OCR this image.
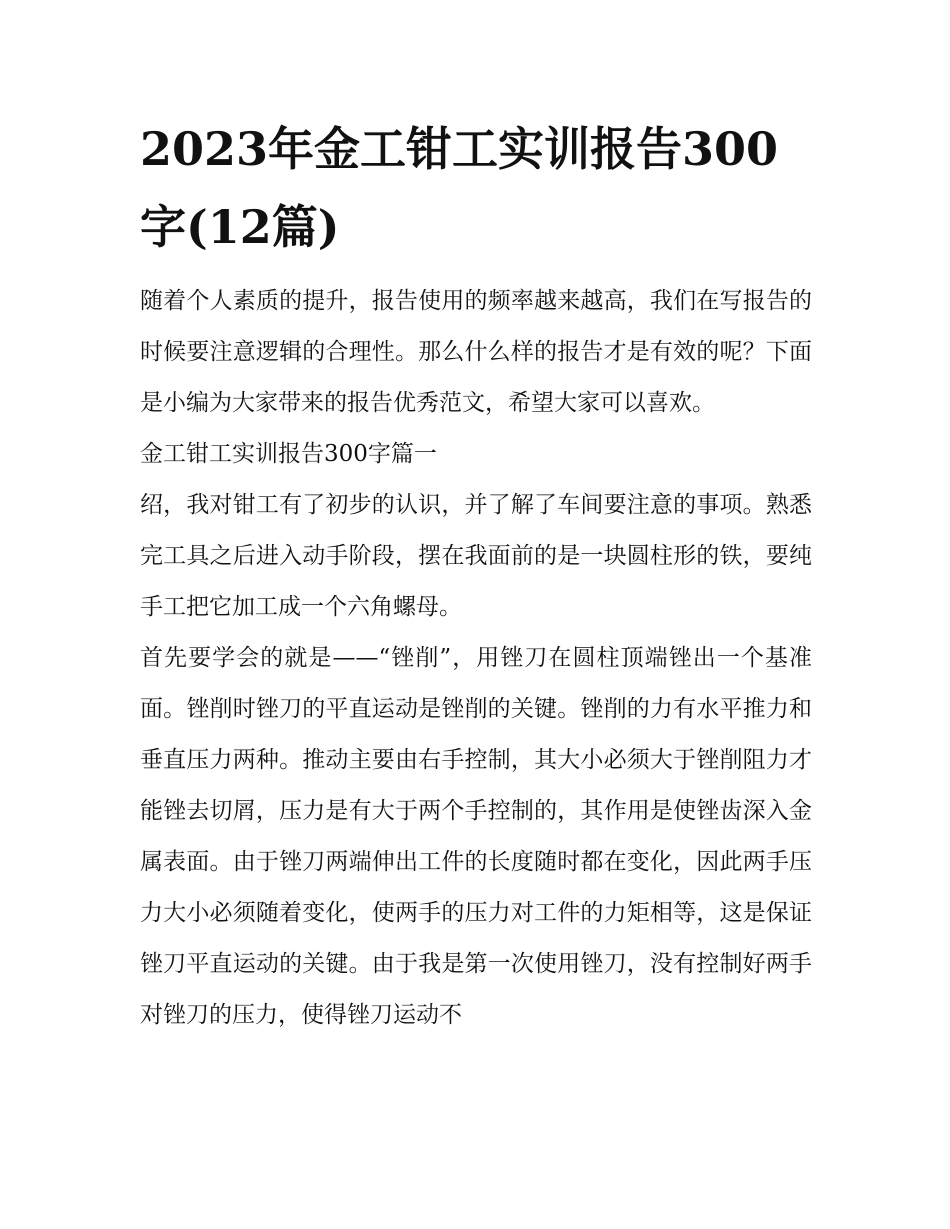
2023年金工钳工实训报告300字(12篇)

随着个人素质的提升，报告使用的频率越来越高，我们在写报告的时候要注意逻辑的合理性。那么什么样的报告才是有效的呢？下面是小编为大家带来的报告优秀范文，希望大家可以喜欢。

金工钳工实训报告300字篇一

绍，我对钳工有了初步的认识，并了解了车间要注意的事项。熟悉完工具之后进入动手阶段，摆在我面前的是一块圆柱形的铁，要纯手工把它加工成一个六角螺母。

首先要学会的就是——“锉削”，用锉刀在圆柱顶端锉出一个基准面。锉削时锉刀的平直运动是锉削的关键。锉削的力有水平推力和垂直压力两种。推动主要由右手控制，其大小必须大于锉削阻力才能锉去切屑，压力是有大于两个手控制的，其作用是使锉齿深入金属表面。由于锉刀两端伸出工件的长度随时都在变化，因此两手压力大小必须随着变化，使两手的压力对工件的力矩相等，这是保证锉刀平直运动的关键。由于我是第一次使用锉刀，没有控制好两手对锉刀的压力，使得锉刀运动不
